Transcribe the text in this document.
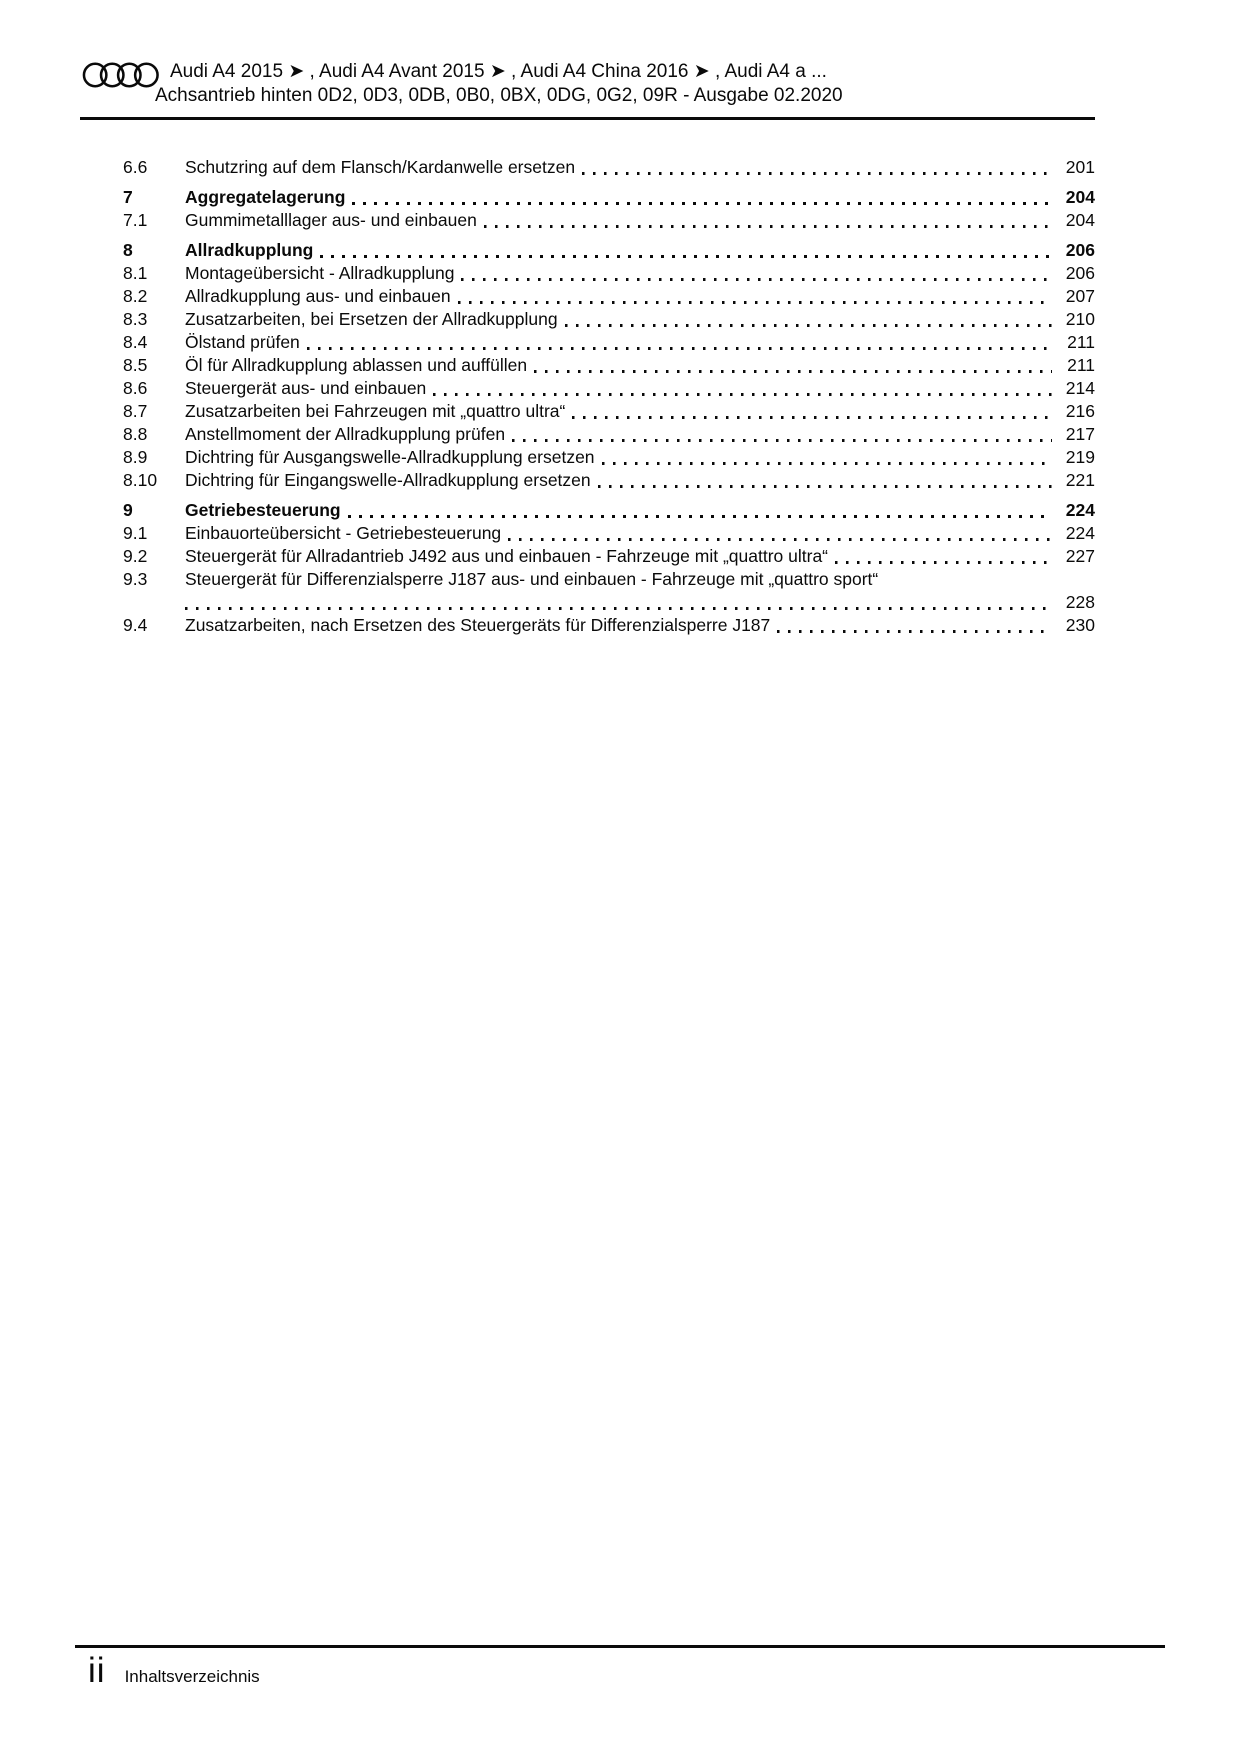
Audi A4 2015 ➤ , Audi A4 Avant 2015 ➤ , Audi A4 China 2016 ➤ , Audi A4 a ...
Achsantrieb hinten 0D2, 0D3, 0DB, 0B0, 0BX, 0DG, 0G2, 09R - Ausgabe 02.2020
6.6	Schutzring auf dem Flansch/Kardanwelle ersetzen	201
7	Aggregatelagerung	204
7.1	Gummimetalllager aus- und einbauen	204
8	Allradkupplung	206
8.1	Montageübersicht - Allradkupplung	206
8.2	Allradkupplung aus- und einbauen	207
8.3	Zusatzarbeiten, bei Ersetzen der Allradkupplung	210
8.4	Ölstand prüfen	211
8.5	Öl für Allradkupplung ablassen und auffüllen	211
8.6	Steuergerät aus- und einbauen	214
8.7	Zusatzarbeiten bei Fahrzeugen mit „quattro ultra“	216
8.8	Anstellmoment der Allradkupplung prüfen	217
8.9	Dichtring für Ausgangswelle-Allradkupplung ersetzen	219
8.10	Dichtring für Eingangswelle-Allradkupplung ersetzen	221
9	Getriebesteuerung	224
9.1	Einbauorteübersicht - Getriebesteuerung	224
9.2	Steuergerät für Allradantrieb J492 aus und einbauen - Fahrzeuge mit „quattro ultra“	227
9.3	Steuergerät für Differenzialsperre J187 aus- und einbauen - Fahrzeuge mit „quattro sport“
228
9.4	Zusatzarbeiten, nach Ersetzen des Steuergeräts für Differenzialsperre J187	230
ii Inhaltsverzeichnis
